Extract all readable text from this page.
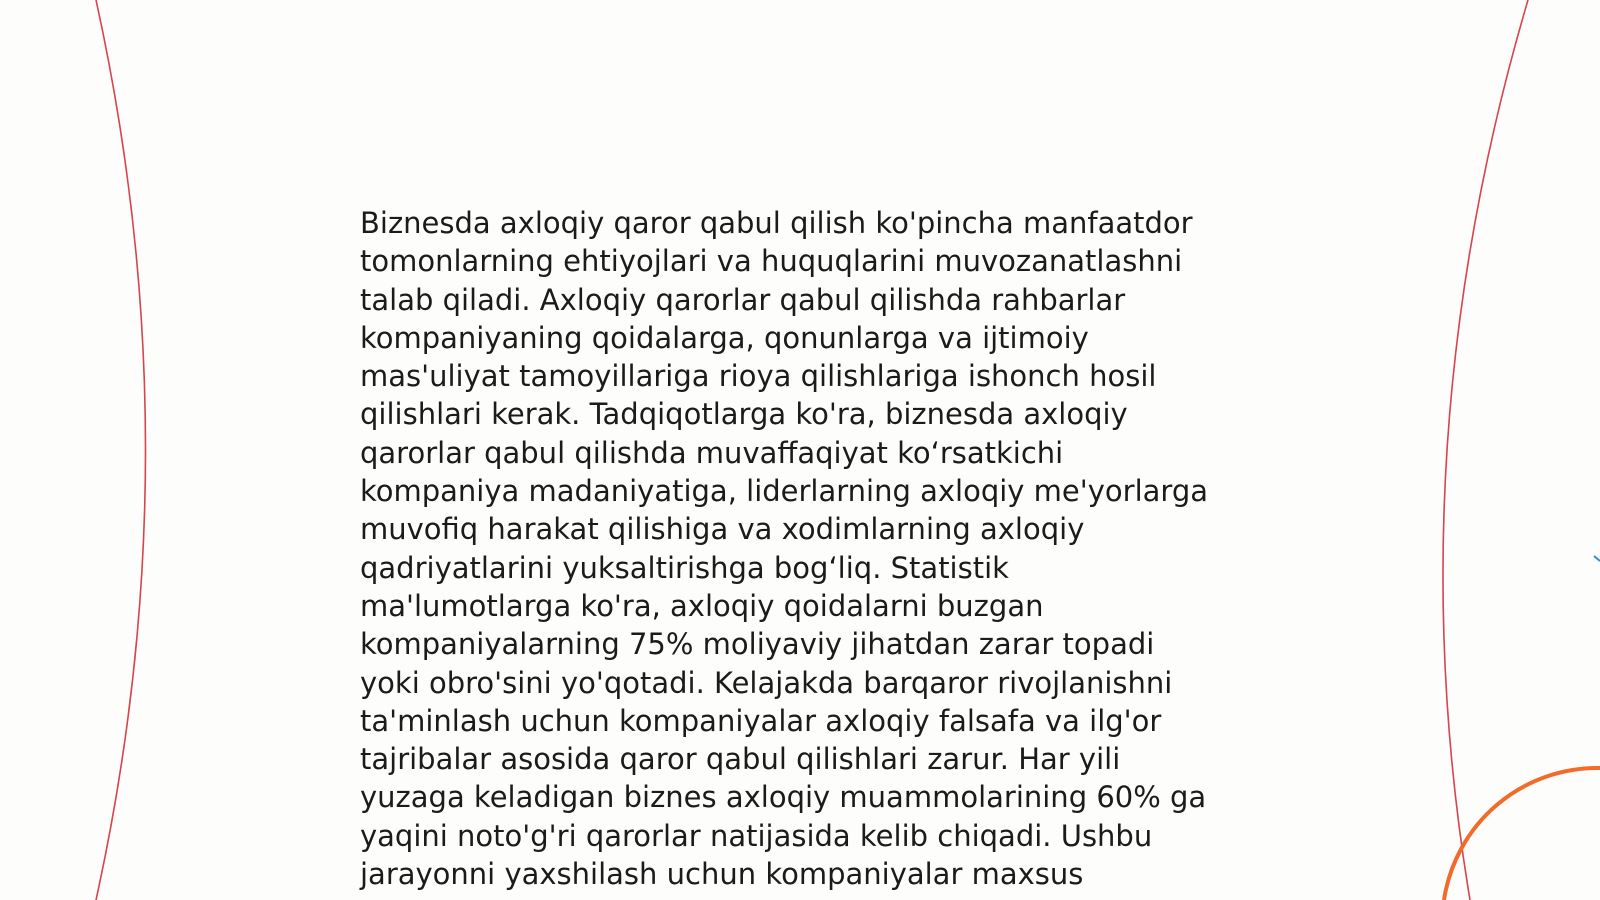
Biznesda axloqiy qaror qabul qilish ko'pincha manfaatdor
tomonlarning ehtiyojlari va huquqlarini muvozanatlashni
talab qiladi. Axloqiy qarorlar qabul qilishda rahbarlar
kompaniyaning qoidalarga, qonunlarga va ijtimoiy
mas'uliyat tamoyillariga rioya qilishlariga ishonch hosil
qilishlari kerak. Tadqiqotlarga ko'ra, biznesda axloqiy
qarorlar qabul qilishda muvaffaqiyat ko‘rsatkichi
kompaniya madaniyatiga, liderlarning axloqiy me'yorlarga
muvofiq harakat qilishiga va xodimlarning axloqiy
qadriyatlarini yuksaltirishga bog‘liq. Statistik
ma'lumotlarga ko'ra, axloqiy qoidalarni buzgan
kompaniyalarning 75% moliyaviy jihatdan zarar topadi
yoki obro'sini yo'qotadi. Kelajakda barqaror rivojlanishni
ta'minlash uchun kompaniyalar axloqiy falsafa va ilg'or
tajribalar asosida qaror qabul qilishlari zarur. Har yili
yuzaga keladigan biznes axloqiy muammolarining 60% ga
yaqini noto'g'ri qarorlar natijasida kelib chiqadi. Ushbu
jarayonni yaxshilash uchun kompaniyalar maxsus
